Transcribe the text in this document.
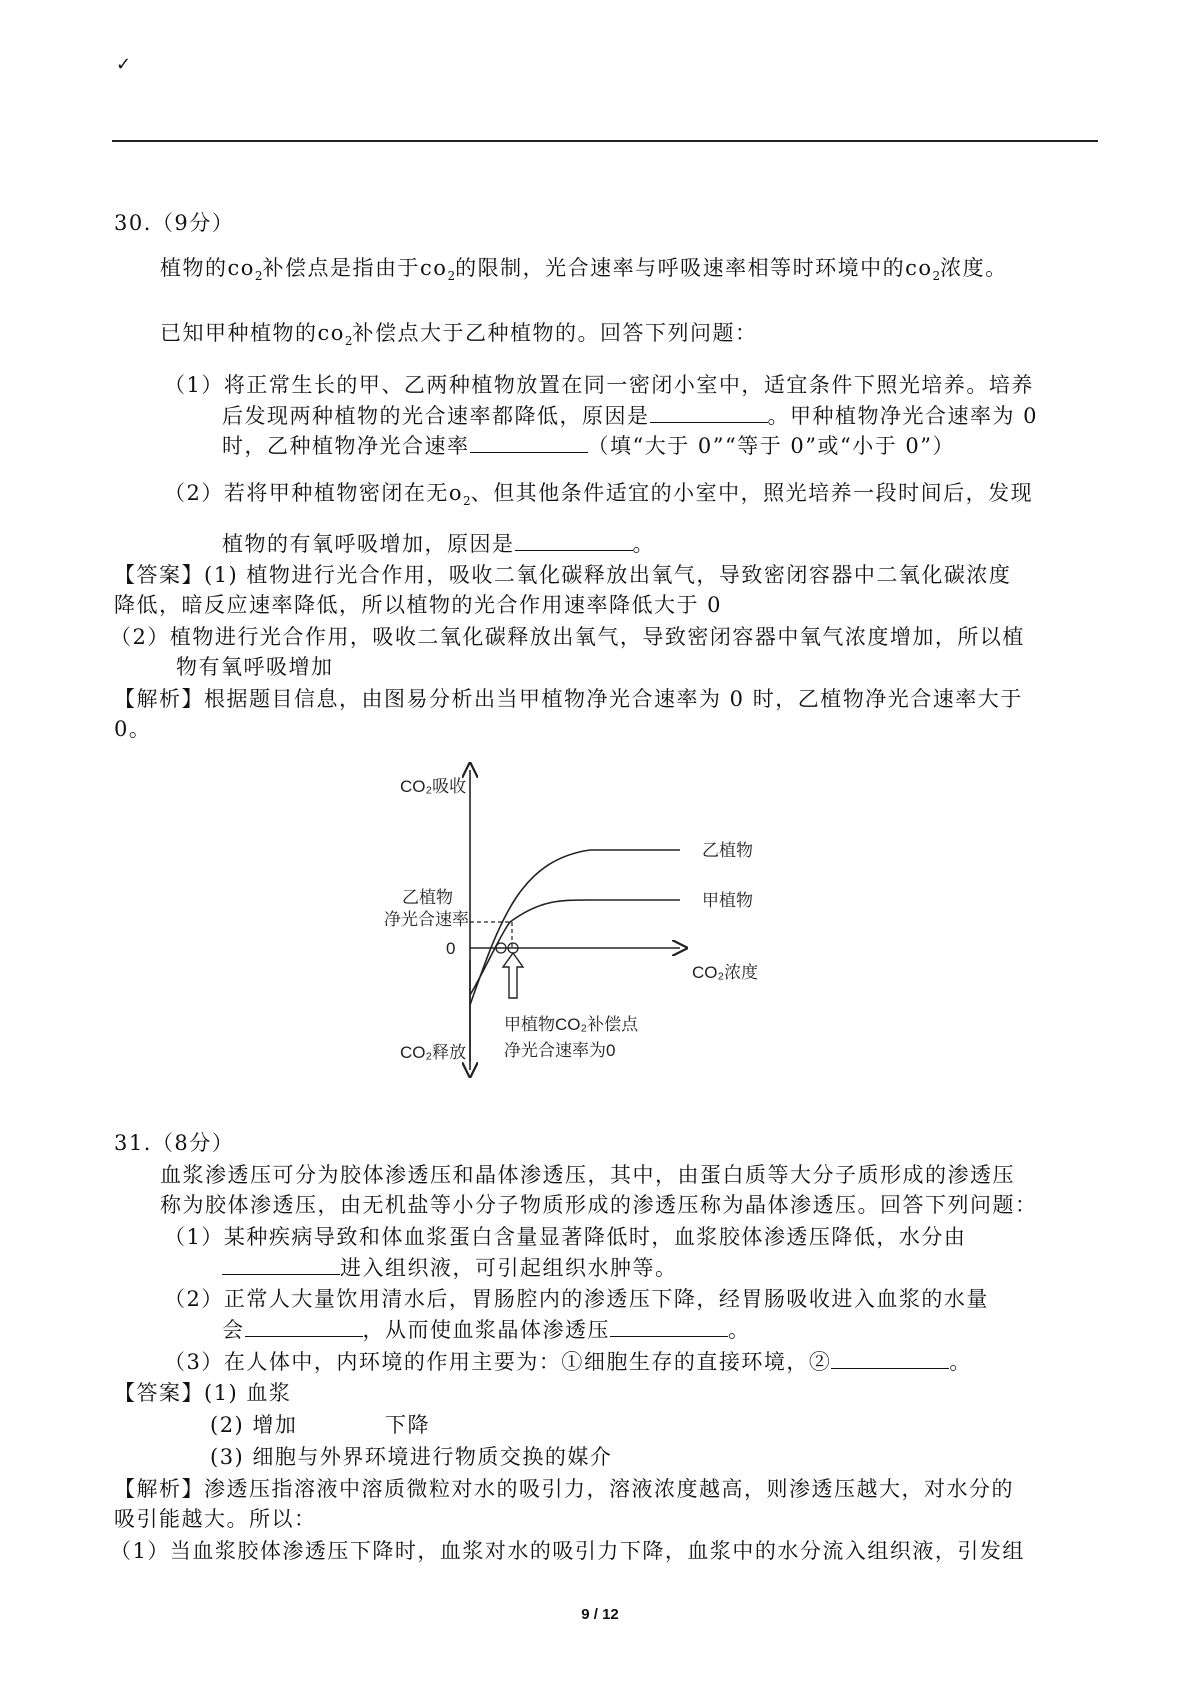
✓
30.（9分）
植物的$co_2$补偿点是指由于$co_2$的限制，光合速率与呼吸速率相等时环境中的$co_2$浓度。
已知甲种植物的$co_2$补偿点大于乙种植物的。回答下列问题：
（1）将正常生长的甲、乙两种植物放置在同一密闭小室中，适宜条件下照光培养。培养
后发现两种植物的光合速率都降低，原因是	。甲种植物净光合速率为 0
时，乙种植物净光合速率	（填“大于 0”“等于 0”或“小于 0”）
（2）若将甲种植物密闭在无$o_2$、但其他条件适宜的小室中，照光培养一段时间后，发现
植物的有氧呼吸增加，原因是	。
【答案】(1) 植物进行光合作用，吸收二氧化碳释放出氧气，导致密闭容器中二氧化碳浓度
降低，暗反应速率降低，所以植物的光合作用速率降低大于 0
（2）植物进行光合作用，吸收二氧化碳释放出氧气，导致密闭容器中氧气浓度增加，所以植
物有氧呼吸增加
【解析】根据题目信息，由图易分析出当甲植物净光合速率为 0 时，乙植物净光合速率大于
0。
CO₂吸收
CO₂释放
CO₂浓度
0
乙植物
净光合速率
乙植物
甲植物
甲植物CO₂补偿点
净光合速率为0
31.（8分）
血浆渗透压可分为胶体渗透压和晶体渗透压，其中，由蛋白质等大分子质形成的渗透压
称为胶体渗透压，由无机盐等小分子物质形成的渗透压称为晶体渗透压。回答下列问题：
（1）某种疾病导致和体血浆蛋白含量显著降低时，血浆胶体渗透压降低，水分由
进入组织液，可引起组织水肿等。
（2）正常人大量饮用清水后，胃肠腔内的渗透压下降，经胃肠吸收进入血浆的水量
会	，从而使血浆晶体渗透压	。
（3）在人体中，内环境的作用主要为：①细胞生存的直接环境，②	。
【答案】(1) 血浆
(2) 增加	下降
(3) 细胞与外界环境进行物质交换的媒介
【解析】渗透压指溶液中溶质微粒对水的吸引力，溶液浓度越高，则渗透压越大，对水分的
吸引能越大。所以：
（1）当血浆胶体渗透压下降时，血浆对水的吸引力下降，血浆中的水分流入组织液，引发组
9 / 12
